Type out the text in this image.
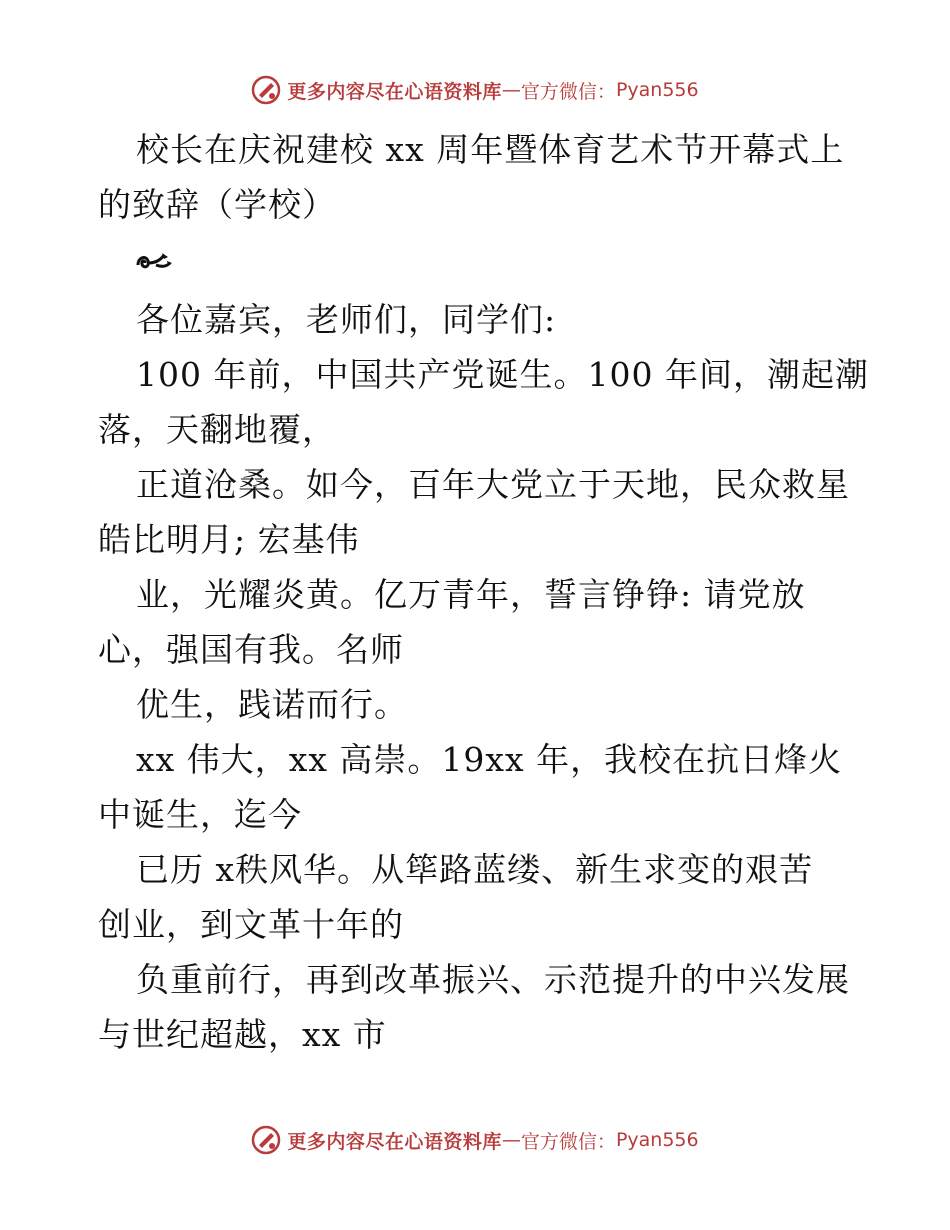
更多内容尽在心语资料库 — 官方微信： Pyan556
校长在庆祝建校 xx 周年暨体育艺术节开幕式上
的致辞（学校）
各位嘉宾，老师们，同学们:
100 年前，中国共产党诞生。100 年间，潮起潮
落，天翻地覆，
正道沧桑。如今，百年大党立于天地，民众救星
皓比明月; 宏基伟
业，光耀炎黄。亿万青年，誓言铮铮: 请党放
心，强国有我。名师
优生，践诺而行。
xx 伟大，xx 高崇。19xx 年，我校在抗日烽火
中诞生，迄今
已历 x秩风华。从筚路蓝缕、新生求变的艰苦
创业，到文革十年的
负重前行，再到改革振兴、示范提升的中兴发展
与世纪超越，xx 市
更多内容尽在心语资料库 — 官方微信： Pyan556
